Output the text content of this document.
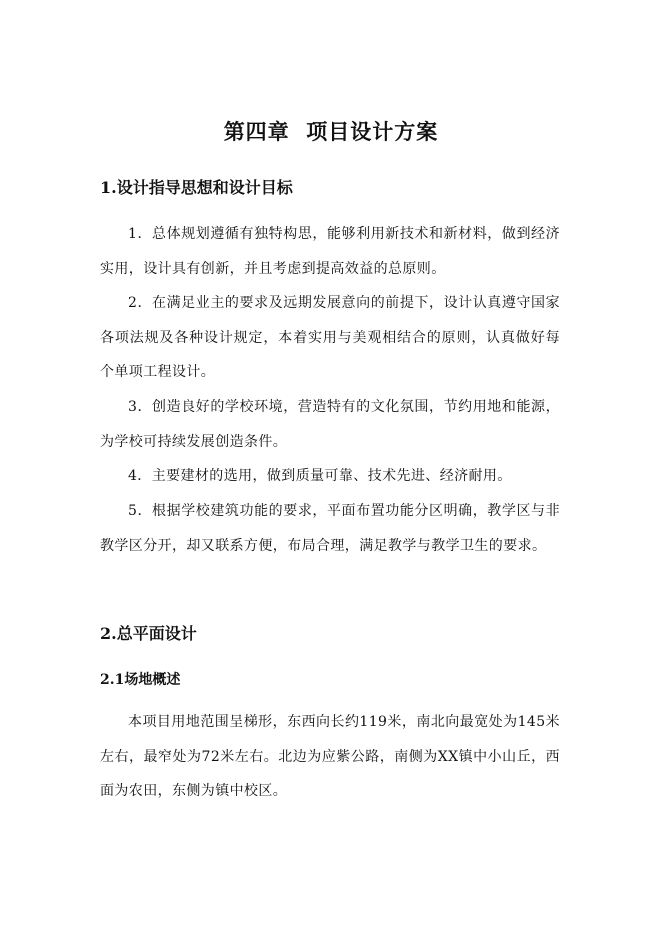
第四章  项目设计方案
1.设计指导思想和设计目标
1．总体规划遵循有独特构思，能够利用新技术和新材料，做到经济实用，设计具有创新，并且考虑到提高效益的总原则。
2．在满足业主的要求及远期发展意向的前提下，设计认真遵守国家各项法规及各种设计规定，本着实用与美观相结合的原则，认真做好每个单项工程设计。
3．创造良好的学校环境，营造特有的文化氛围，节约用地和能源，为学校可持续发展创造条件。
4．主要建材的选用，做到质量可靠、技术先进、经济耐用。
5．根据学校建筑功能的要求，平面布置功能分区明确，教学区与非教学区分开，却又联系方便，布局合理，满足教学与教学卫生的要求。
2.总平面设计
2.1场地概述
本项目用地范围呈梯形，东西向长约119米，南北向最宽处为145米左右，最窄处为72米左右。北边为应紫公路，南侧为XX镇中小山丘，西面为农田，东侧为镇中校区。
